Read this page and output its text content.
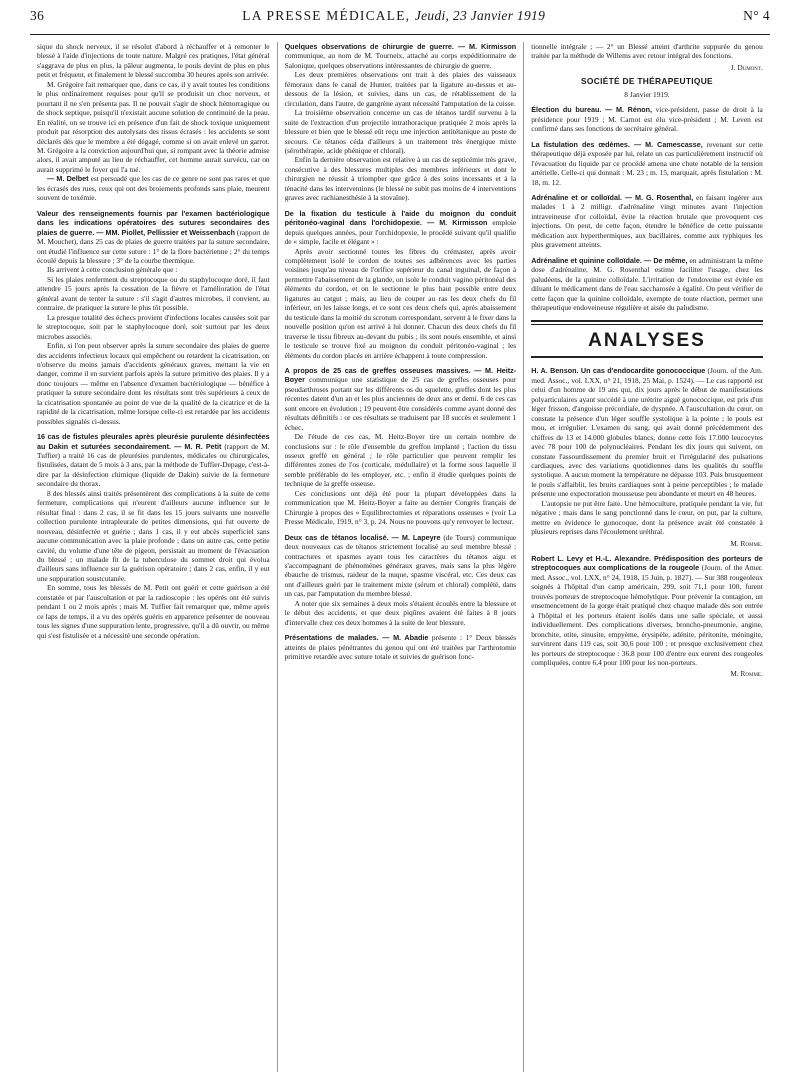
36	LA PRESSE MÉDICALE, Jeudi, 23 Janvier 1919	N° 4

sique du shock nerveux, il se résolut d'abord à réchauffer et à remonter le blessé à l'aide d'injections de toute nature. Malgré ces pratiques, l'état général s'aggrava de plus en plus, la pâleur augmenta, le pouls devint de plus en plus petit et fréquent, et finalement le blessé succomba 30 heures après son arrivée.

M. Grégoire fait remarquer que, dans ce cas, il y avait toutes les conditions le plus ordinairement requises pour qu'il se produisit un choc nerveux, et pourtant il ne s'en présenta pas. Il ne pouvait s'agir de shock hémorragique ou de shock septique, puisqu'il n'existait aucune solution de continuité de la peau. En réalité, on se trouve ici en présence d'un fait de shock toxique uniquement produit par résorption des autolysats des tissus écrasés : les accidents se sont déclarés dès que le membre a été dégagé, comme si on avait enlevé un garrot. M. Grégoire a la conviction aujourd'hui que, si rompant avec la théorie admise alors, il avait amputé au lieu de réchauffer, cet homme aurait survécu, car on aurait supprimé le foyer qui l'a tué.

— M. Delbet est persuadé que les cas de ce genre ne sont pas rares et que les écrasés des rues, ceux qui ont des broiements profonds sans plaie, meurent souvent de toxémie.

Valeur des renseignements fournis par l'examen bactériologique dans les indications opératoires des sutures secondaires des plaies de guerre. — MM. Piollet, Pellissier et Weissenbach (rapport de M. Mouchet), dans 25 cas de plaies de guerre traitées par la suture secondaire, ont étudié l'influence sur cette suture : 1° de la flore bactérienne ; 2° du temps écoulé depuis la blessure ; 3° de la courbe thermique.

Ils arrivent à cette conclusion générale que :

Si les plaies renferment du streptocoque ou du staphylocoque doré, il faut attendre 15 jours après la cessation de la fièvre et l'amélioration de l'état général avant de tenter la suture : s'il s'agit d'autres microbes, il convient, au contraire, de pratiquer la suture le plus tôt possible.

La presque totalité des échecs provient d'infections locales causées soit par le streptocoque, soit par le staphylocoque doré, soit surtout par les deux microbes associés.

Enfin, si l'on peut observer après la suture secondaire des plaies de guerre des accidents infectieux locaux qui empêchent ou retardent la cicatrisation, on n'observe du moins jamais d'accidents généraux graves, mettant la vie en danger, comme il en survient parfois après la suture primitive des plaies. Il y a donc toujours — même en l'absence d'examen bactériologique — bénéfice à pratiquer la suture secondaire dont les résultats sont très supérieurs à ceux de la cicatrisation spontanée au point de vue de la qualité de la cicatrice et de la rapidité de la cicatrisation, même lorsque celle-ci est retardée par les accidents possibles signalés ci-dessus.

16 cas de fistules pleurales après pleurésie purulente désinfectées au Dakin et suturées secondairement. — M. R. Petit (rapport de M. Tuffier) a traité 16 cas de pleurésies purulentes, médicales ou chirurgicales, fistulisées, datant de 5 mois à 3 ans, par la méthode de Tuffier-Depage, c'est-à-dire par la désinfection chimique (liquide de Dakin) suivie de la fermeture secondaire du thorax.

8 des blessés ainsi traités présentèrent des complications à la suite de cette fermeture, complications qui n'eurent d'ailleurs aucune influence sur le résultat final : dans 2 cas, il se fit dans les 15 jours suivants une nouvelle collection purulente intrapleurale de petites dimensions, qui fut ouverte de nouveau, désinfectée et guérie ; dans 1 cas, il y eut abcès superficiel sans aucune communication avec la plaie profonde ; dans un autre cas, cette petite cavité, du volume d'une tête de pigeon, persistait au moment de l'évacuation du blessé ; un malade fit de la tuberculose du sommet droit qui évolua d'ailleurs sans influence sur la guérison opératoire ; dans 2 cas, enfin, il y eut une suppuration soustcutanée.

En somme, tous les blessés de M. Petit ont guéri et cette guérison a été constatée et par l'auscultation et par la radioscopie : les opérés ont été suivis pendant 1 ou 2 mois après ; mais M. Tuffier fait remarquer que, même après ce laps de temps, il a vu des opérés guéris en apparence présenter de nouveau tous les signes d'une suppuration lente, progressive, qu'il a dû ouvrir, ou même qui s'est fistulisée et a nécessité une seconde opération.

Quelques observations de chirurgie de guerre. — M. Kirmisson communique, au nom de M. Tourneix, attaché au corps expéditionnaire de Salonique, quelques observations intéressantes de chirurgie de guerre.

Les deux premières observations ont trait à des plaies des vaisseaux fémoraux dans le canal de Hunter, traitées par la ligature au-dessus et au-dessous de la lésion, et suivies, dans un cas, de rétablissement de la circulation, dans l'autre, de gangrène ayant nécessité l'amputation de la cuisse.

La troisième observation concerne un cas de tétanos tardif survenu à la suite de l'extraction d'un projectile intrathoracique pratiquée 2 mois après la blessure et bien que le blessé eût reçu une injection antitétanique au poste de secours. Ce tétanos céda d'ailleurs à un traitement très énergique mixte (sérothérapie, acide phénique et chloral).

Enfin la dernière observation est relative à un cas de septicémie très grave, consécutive à des blessures multiples des membres inférieurs et dont le chirurgien ne réussit à triompher que grâce à des soins incessants et à la ténacité dans les interventions (le blessé ne subit pas moins de 4 interventions graves avec rachianesthésie à la stovaïne).

De la fixation du testicule à l'aide du moignon du conduit péritonéo-vaginal dans l'orchidopexie. — M. Kirmisson emploie depuis quelques années, pour l'orchidopexie, le procédé suivant qu'il qualifie de « simple, facile et élégant » :

Après avoir sectionné toutes les fibres du crémaster, après avoir complètement isolé le cordon de toutes ses adhérences avec les parties voisines jusqu'au niveau de l'orifice supérieur du canal inguinal, de façon à permettre l'abaissement de la glande, on isole le conduit vagino péritonéal des éléments du cordon, et on le sectionne le plus haut possible entre deux ligatures au catgut ; mais, au lieu de couper au ras les deux chefs du fil inférieur, on les laisse longs, et ce sont ces deux chefs qui, après abaissement du testicule dans la moitié du scrotum correspondant, servent à le fixer dans la nouvelle position qu'on est arrivé à lui donner. Chacun des deux chefs du fil traverse le tissu fibreux au-devant du pubis ; ils sont noués ensemble, et ainsi le testicule se trouve fixé au moignon du conduit péritonéo-vaginal ; les éléments du cordon placés en arrière échappent à toute compression.

A propos de 25 cas de greffes osseuses massives. — M. Heitz-Boyer communique une statistique de 25 cas de greffes osseuses pour pseudarthroses portant sur les différents os du squelette, greffes dont les plus récentes datent d'un an et les plus anciennes de deux ans et demi. 6 de ces cas sont encore en évolution ; 19 peuvent être considérés comme ayant donné des résultats définitifs : or ces résultats se traduisent par 18 succès et seulement 1 échec.

De l'étude de ces cas, M. Heitz-Boyer tire un certain nombre de conclusions sur : le rôle d'ensemble du greffon implanté ; l'action du tissu osseux greffé en général ; le rôle particulier que peuvent remplir les différentes zones de l'os (corticale, médullaire) et la forme sous laquelle il semble préférable de les employer, etc. ; enfin il étudie quelques points de technique de la greffe osseuse.

Ces conclusions ont déjà été pour la plupart développées dans la communication que M. Heitz-Boyer a faite au dernier Congrès français de Chirurgie à propos des « Equilibrectomies et réparations osseuses » (voir La Presse Médicale, 1919, n° 3, p. 24. Nous ne pouvons qu'y renvoyer le lecteur.

Deux cas de tétanos localisé. — M. Lapeyre (de Tours) communique deux nouveaux cas de tétanos strictement localisé au seul membre blessé : contractures et spasmes ayant tous les caractères du tétanos aigu et s'accompagnant de phénomènes généraux graves, mais sans la plus légère ébauche de trismus, raideur de la nuque, spasme viscéral, etc. Ces deux cas ont d'ailleurs guéri par le traitement mixte (sérum et chloral) complété, dans un cas, par l'amputation du membre blessé.

A noter que six semaines à deux mois s'étaient écoulés entre la blessure et le début des accidents, et que deux piqûres avaient été faites à 8 jours d'intervalle chez ces deux hommes à la suite de leur blessure.

Présentations de malades. — M. Abadie présente : 1° Deux blessés atteints de plaies pénétrantes du genou qui ont été traitées par l'arthrotomie primitive retardée avec suture totale et suivies de guérison fonc-

tionnelle intégrale ; — 2° un Blessé atteint d'arthrite suppurée du genou traitée par la méthode de Willems avec retour intégral des fonctions.

J. Dumont.

SOCIÉTÉ DE THÉRAPEUTIQUE
8 Janvier 1919.

Élection du bureau. — M. Rénon, vice-président, passe de droit à la présidence pour 1919 ; M. Carnot est élu vice-président ; M. Leven est confirmé dans ses fonctions de secrétaire général.

La fistulation des œdèmes. — M. Camescasse, revenant sur cette thérapeutique déjà exposée par lui, relate un cas particulièrement instructif où l'évacuation du liquide par ce procédé amena une chute notable de la tension artérielle. Celle-ci qui donnait : M. 23 ; m. 15, marquait, après fistulation : M. 18, m. 12.

Adrénaline et or colloïdal. — M. G. Rosenthal, en faisant ingérer aux malades 1 à 2 milligr. d'adrénaline vingt minutes avant l'injection intraveineuse d'or colloïdal, évite la réaction brutale que provoquent ces injections. On peut, de cette façon, étendre le bénéfice de cette puissante médication aux hyperthermiques, aux bacillaires, comme aux typhiques les plus gravement atteints.

Adrénaline et quinine colloïdale. — De même, en administrant la même dose d'adrénaline, M. G. Rosenthal estime faciliter l'usage, chez les paludéens, de la quinine colloïdale. L'irritation de l'endoveine est évitée en diluant le médicament dans de l'eau saccharosée à égalité. On peut vérifier de cette façon que la quinine colloïdale, exempte de toute réaction, permet une thérapeutique endoveineuse régulière et aisée du paludisme.

ANALYSES

H. A. Benson. Un cas d'endocardite gonococcique (Journ. of the Am. med. Assoc., vol. LXX, n° 21, 1918, 25 Mai, p. 1524). — Le cas rapporté est celui d'un homme de 19 ans qui, dix jours après le début de manifestations polyarticulaires ayant succédé à une urétrite aiguë gonococcique, est pris d'un léger frisson, d'angoisse précordiale, de dyspnée. A l'auscultation du cœur, on constate la présence d'un léger souffle systolique à la pointe ; le pouls est mou, et irrégulier. L'examen du sang, qui avait donné précédemment des chiffres de 13 et 14.000 globules blancs, donne cette fois 17.000 leucocytes avec 78 pour 100 de polynucléaires. Pendant les dix jours qui suivent, on constate l'assourdissement du premier bruit et l'irrégularité des pulsations cardiaques, avec des variations quotidiennes dans les qualités du souffle systolique. A aucun moment la température ne dépasse 103. Puis brusquement le pouls s'affaiblit, les bruits cardiaques sont à peine perceptibles ; le malade présente une expectoration mousseuse peu abondante et meurt en 48 heures.

L'autopsie ne put être faite. Une hémoculture, pratiquée pendant la vie, fut négative ; mais dans le sang ponctionné dans le cœur, on put, par la culture, mettre en évidence le gonocoque, dont la présence avait été constatée à plusieurs reprises dans l'écoulement uréthral.

M. Romme.

Robert L. Levy et H.-L. Alexandre. Prédisposition des porteurs de streptocoques aux complications de la rougeole (Journ. of the Amer. med. Assoc., vol. LXX, n° 24, 1918, 15 Juin, p. 1827). — Sur 388 rougeoleux soignés à l'hôpital d'un camp américain, 299, soit 71,1 pour 100, furent trouvés porteurs de streptocoque hémolytique. Pour prévenir la contagion, un ensemencement de la gorge était pratiqué chez chaque malade dès son entrée à l'hôpital et les porteurs étaient isolés dans une salle spéciale, et aussi individuellement. Des complications diverses, broncho-pneumonie, angine, bronchite, otite, sinusite, empyème, érysipèle, adénite, péritonite, méningite, survinrent dans 119 cas, soit 30,6 pour 100 ; et presque exclusivement chez les porteurs de streptocoque : 36.8 pour 100 d'entre eux eurent des rougeoles compliquées, contre 6,4 pour 100 pour les non-porteurs.

M. Romme.
